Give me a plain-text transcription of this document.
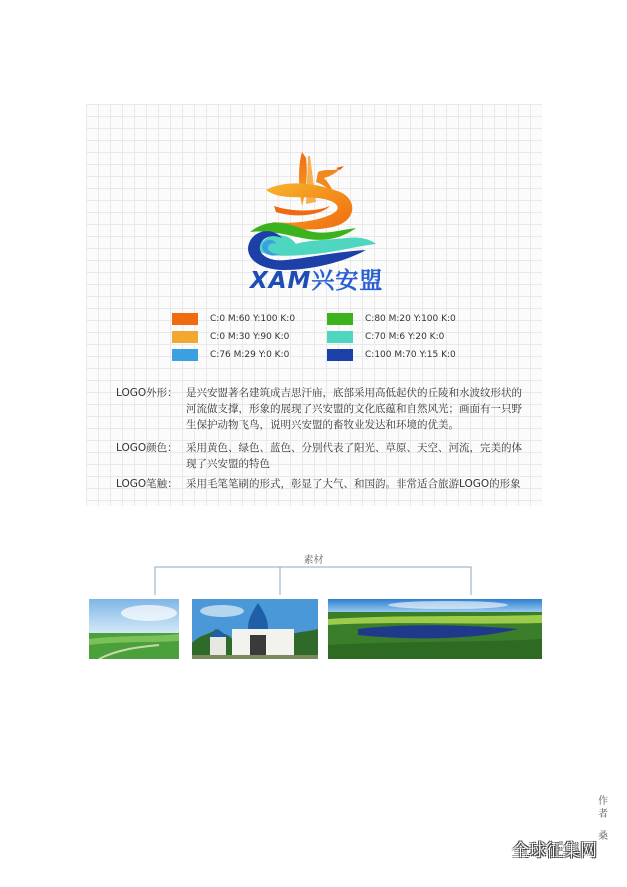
XAM兴安盟
C:0 M:60 Y:100 K:0
C:0 M:30 Y:90 K:0
C:76 M:29 Y:0 K:0
C:80 M:20 Y:100 K:0
C:70 M:6 Y:20 K:0
C:100 M:70 Y:15 K:0
LOGO外形： 是兴安盟著名建筑成吉思汗庙，底部采用高低起伏的丘陵和水波纹形状的河流做支撑，形象的展现了兴安盟的文化底蕴和自然风光；画面有一只野生保护动物飞鸟，说明兴安盟的畜牧业发达和环境的优美。
LOGO颜色： 采用黄色、绿色、蓝色、分别代表了阳光、草原、天空、河流，完美的体现了兴安盟的特色
LOGO笔触： 采用毛笔笔刷的形式，彰显了大气、和国韵。非常适合旅游LOGO的形象
素材
作者
桑
全球征集网
